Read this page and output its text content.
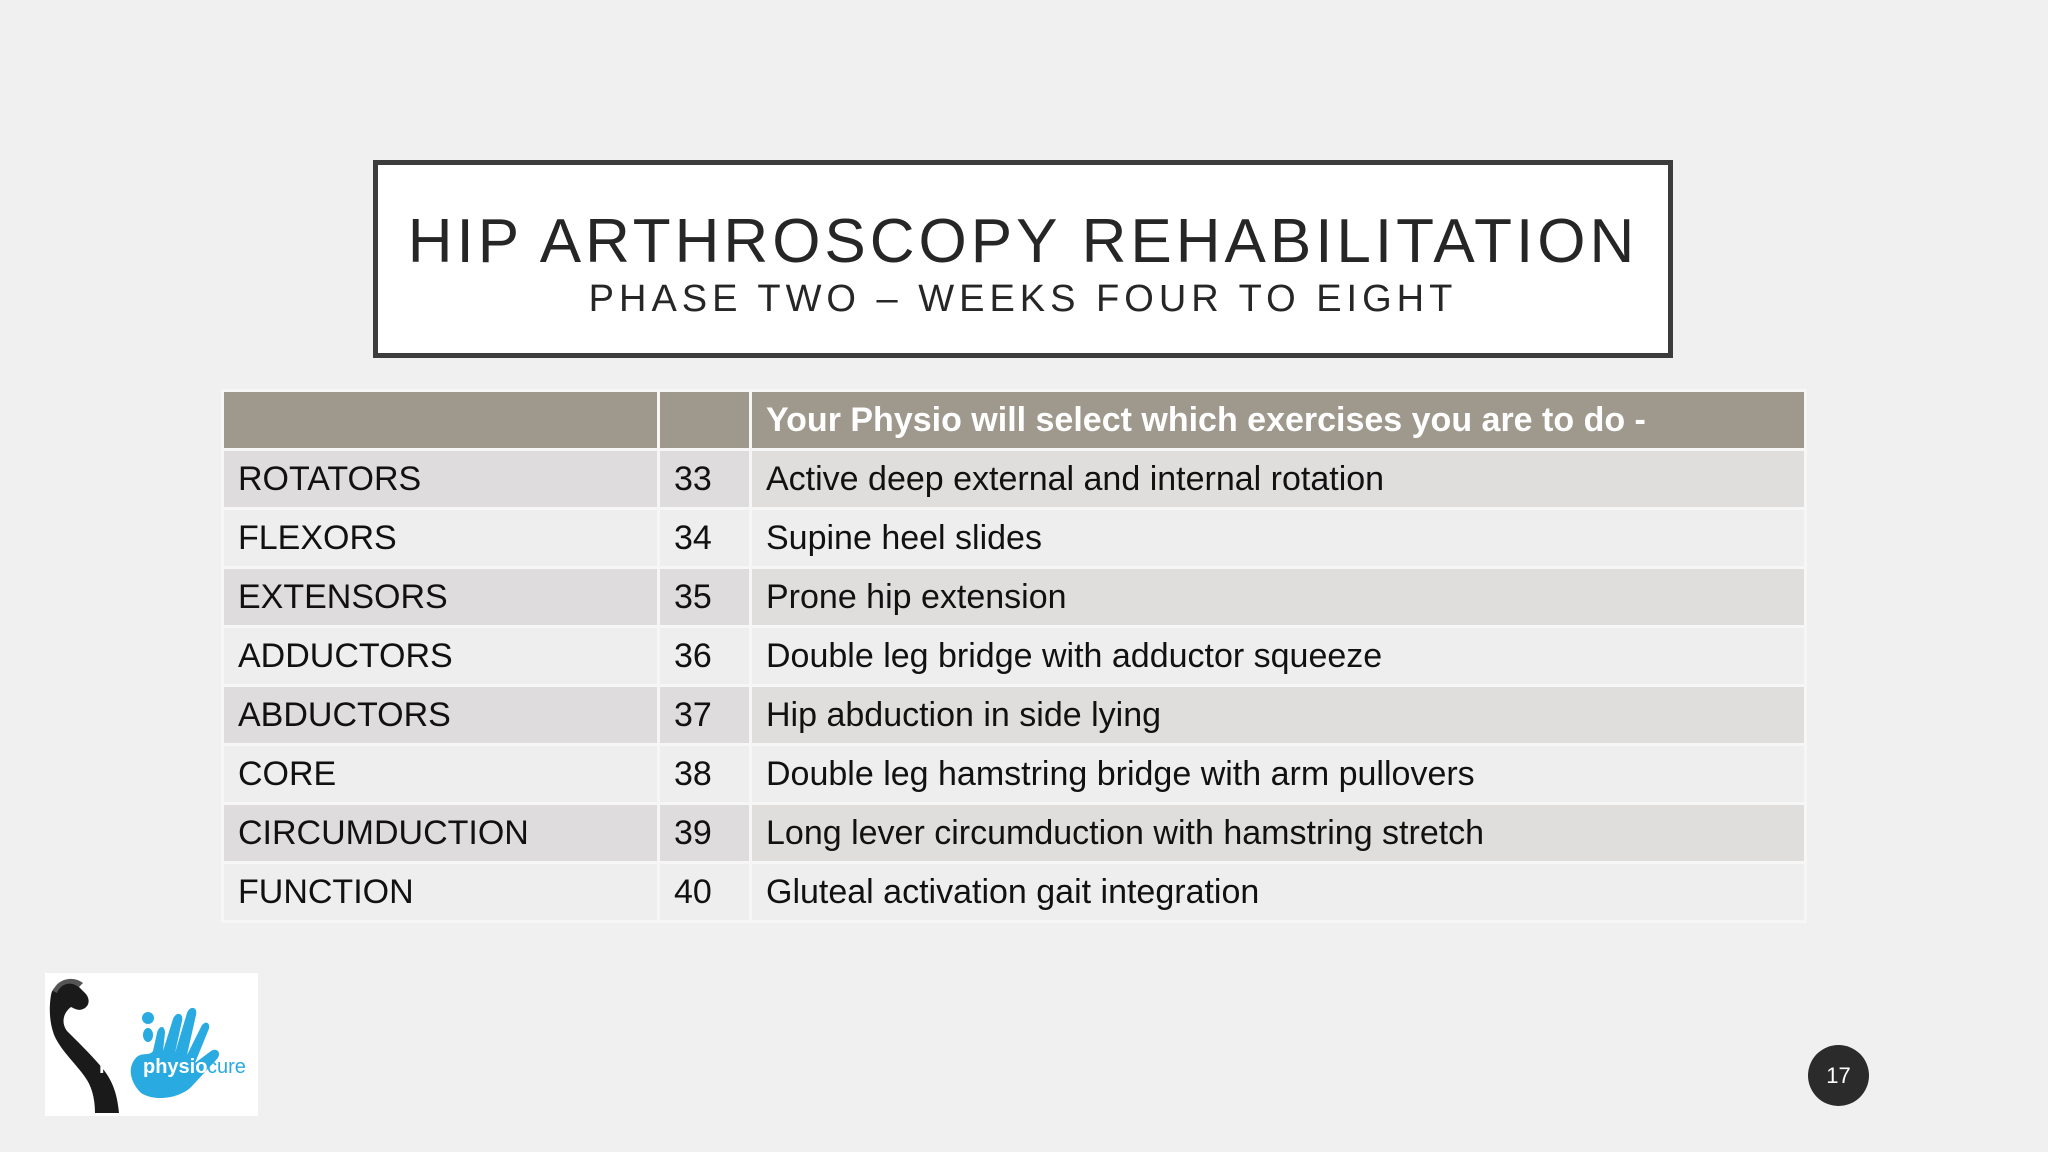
HIP ARTHROSCOPY REHABILITATION
PHASE TWO – WEEKS FOUR TO EIGHT
		Your Physio will select which exercises you are to do -
ROTATORS	33	Active deep external and internal rotation
FLEXORS	34	Supine heel slides
EXTENSORS	35	Prone hip extension
ADDUCTORS	36	Double leg bridge with adductor squeeze
ABDUCTORS	37	Hip abduction in side lying
CORE	38	Double leg hamstring bridge with arm pullovers
CIRCUMDUCTION	39	Long lever circumduction with hamstring stretch
FUNCTION	40	Gluteal activation gait integration
hip physio cure	17
